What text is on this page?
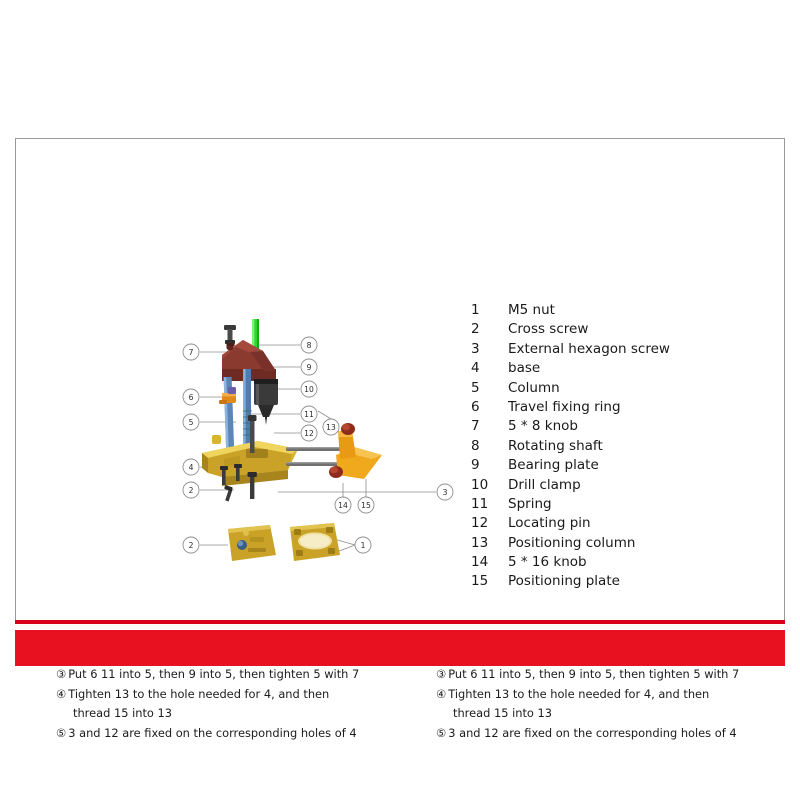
1
2	3
4
5
6
7
8
9
10
11
12
13
14 15
2
1	M5 nut
2	Cross screw
3	External hexagon screw
4	base
5	Column
6	Travel fixing ring
7	5 * 8 knob
8	Rotating shaft
9	Bearing plate
10	Drill clamp
11	Spring
12	Locating pin
13	Positioning column
14	5 * 16 knob
15	Positioning plate
③ Put 6 11 into 5, then 9 into 5, then tighten 5 with 7
④ Tighten 13 to the hole needed for 4, and then
thread 15 into 13
⑤ 3 and 12 are fixed on the corresponding holes of 4
③ Put 6 11 into 5, then 9 into 5, then tighten 5 with 7
④ Tighten 13 to the hole needed for 4, and then
thread 15 into 13
⑤ 3 and 12 are fixed on the corresponding holes of 4
